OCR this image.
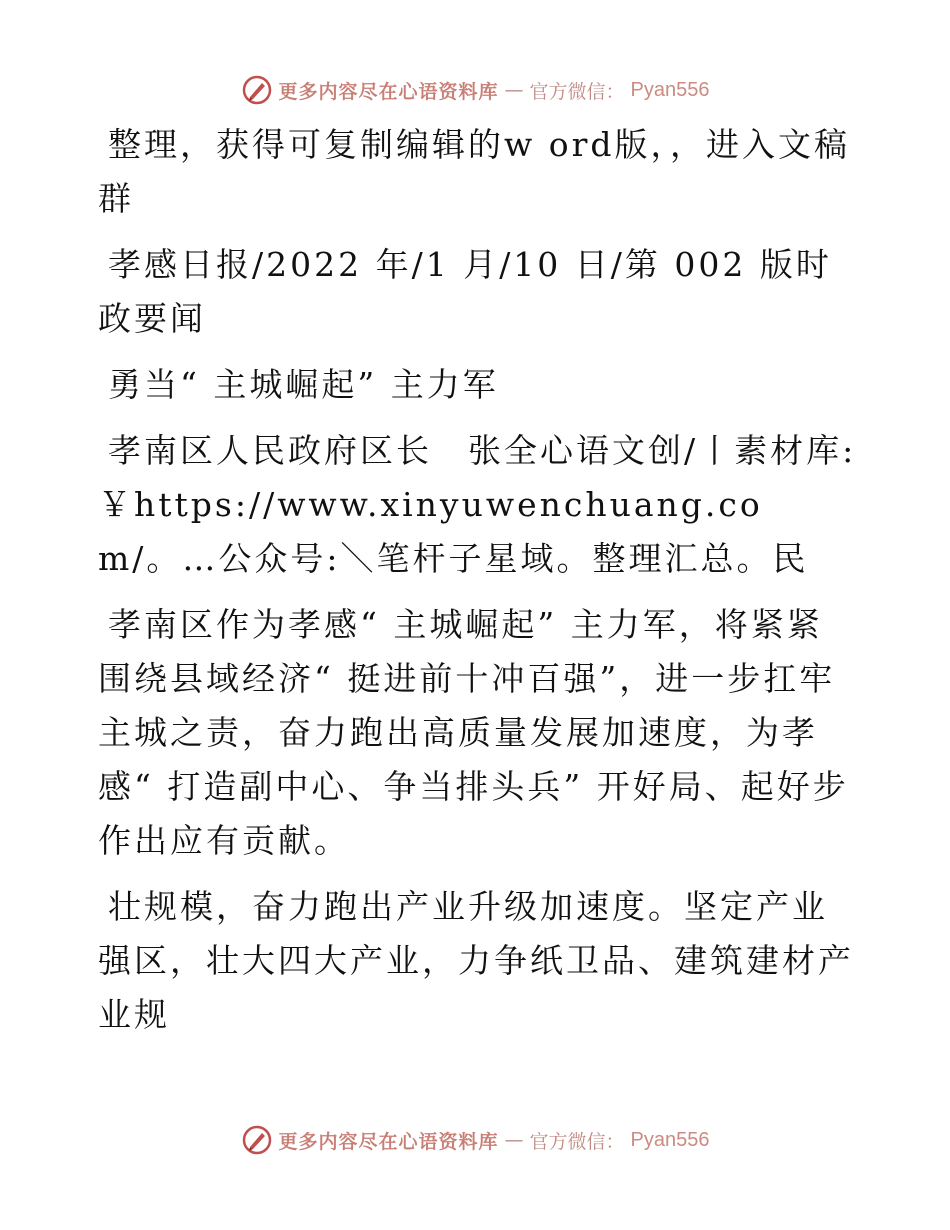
更多内容尽在心语资料库 — 官方微信： Pyan556

整理，获得可复制编辑的w ord版，，进入文稿群

孝感日报/2022 年/1 月/10 日/第 002 版时政要闻

勇当“ 主城崛起” 主力军

孝南区人民政府区长　张全心语文创/丨素材库:￥https://www.xinyuwenchuang.com/。…公众号:＼笔杆子星域。整理汇总。民

孝南区作为孝感“ 主城崛起” 主力军，将紧紧围绕县域经济“ 挺进前十冲百强”，进一步扛牢主城之责，奋力跑出高质量发展加速度，为孝感“ 打造副中心、争当排头兵” 开好局、起好步作出应有贡献。

壮规模，奋力跑出产业升级加速度。坚定产业强区，壮大四大产业，力争纸卫品、建筑建材产业规

更多内容尽在心语资料库 — 官方微信： Pyan556
